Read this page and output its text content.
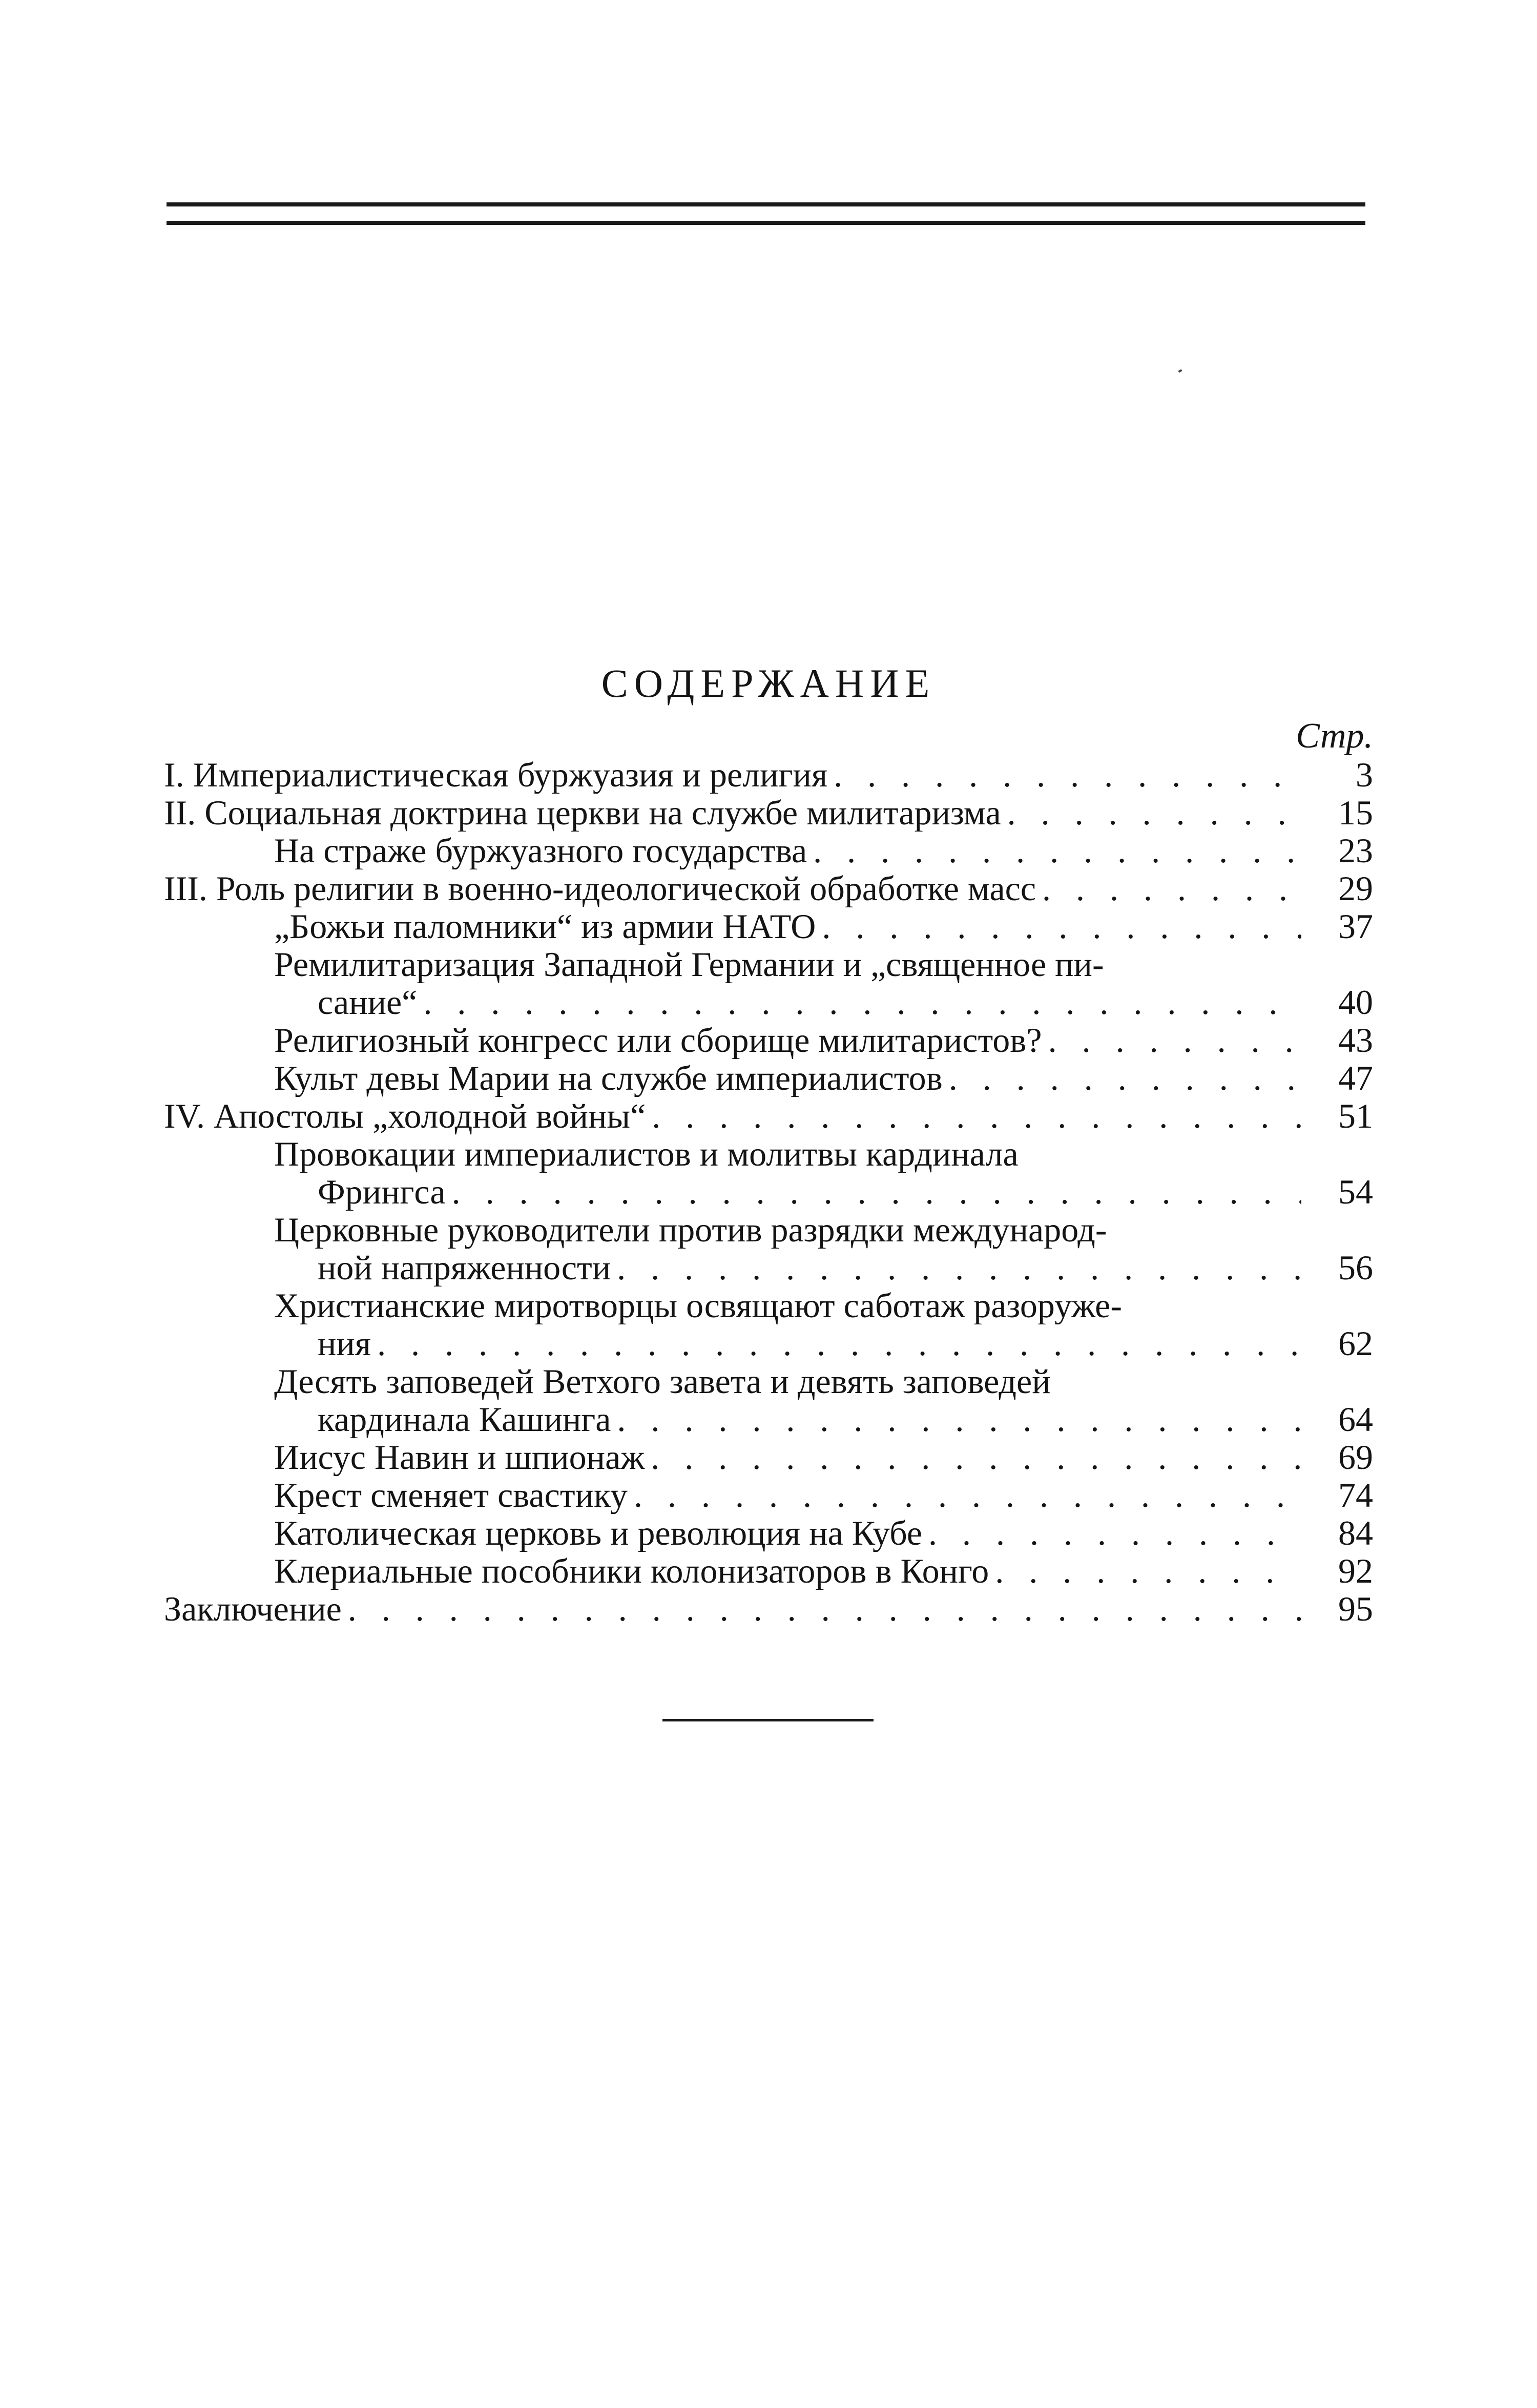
СОДЕРЖАНИЕ
Стр.
I. Империалистическая буржуазия и религия . . .	3
II. Социальная доктрина церкви на службе милитаризма . . .	15
На страже буржуазного государства . . .	23
III. Роль религии в военно-идеологической обработке масс . . .	29
„Божьи паломники“ из армии НАТО . . .	37
Ремилитаризация Западной Германии и „священное пи-
сание“ . . .	40
Религиозный конгресс или сборище милитаристов? . . .	43
Культ девы Марии на службе империалистов . . .	47
IV. Апостолы „холодной войны“ . . .	51
Провокации империалистов и молитвы кардинала
Фрингса . . .	54
Церковные руководители против разрядки международ-
ной напряженности . . .	56
Христианские миротворцы освящают саботаж разоруже-
ния . . .	62
Десять заповедей Ветхого завета и девять заповедей
кардинала Кашинга . . .	64
Иисус Навин и шпионаж . . .	69
Крест сменяет свастику . . .	74
Католическая церковь и революция на Кубе . . .	84
Клериальные пособники колонизаторов в Конго . . .	92
Заключение . . .	95
